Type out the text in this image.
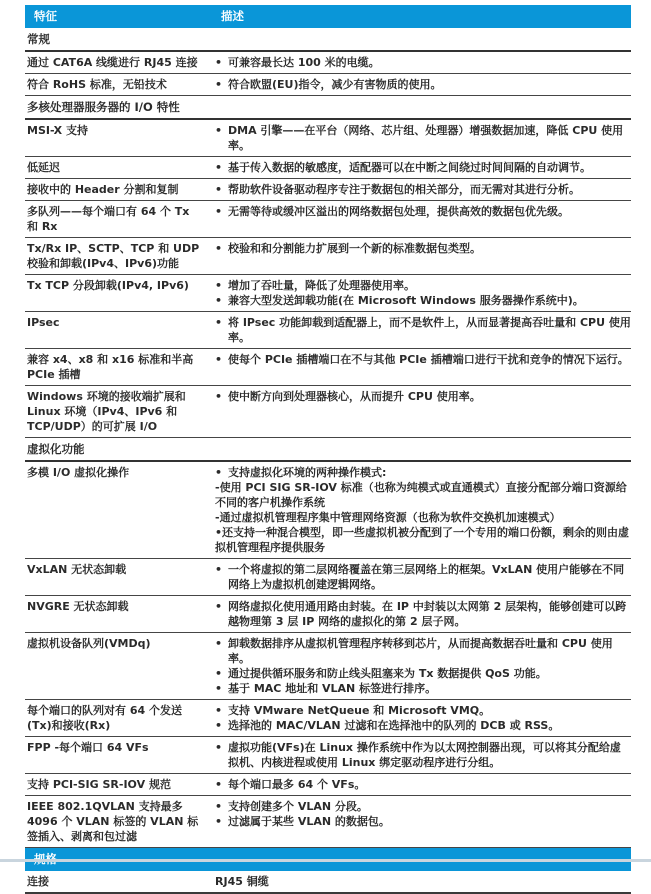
特征	描述
常规	
通过 CAT6A 线缆进行 RJ45 连接	• 可兼容最长达 100 米的电缆。

符合 RoHS 标准，无铅技术	• 符合欧盟(EU)指令，减少有害物质的使用。

多核处理器服务器的 I/O 特性	
MSI-X 支持	• DMA 引擎——在平台（网络、芯片组、处理器）增强数据加速，降低 CPU 使用率。

低延迟	• 基于传入数据的敏感度，适配器可以在中断之间绕过时间间隔的自动调节。

接收中的 Header 分割和复制	• 帮助软件设备驱动程序专注于数据包的相关部分，而无需对其进行分析。

多队列——每个端口有 64 个 Tx 和 Rx	• 无需等待或缓冲区溢出的网络数据包处理，提供高效的数据包优先级。

Tx/Rx IP、SCTP、TCP 和 UDP 校验和卸载(IPv4、IPv6)功能	• 校验和和分割能力扩展到一个新的标准数据包类型。

Tx TCP 分段卸载(IPv4, IPv6)	• 增加了吞吐量，降低了处理器使用率。
• 兼容大型发送卸载功能(在 Microsoft Windows 服务器操作系统中)。

IPsec	• 将 IPsec 功能卸载到适配器上，而不是软件上，从而显著提高吞吐量和 CPU 使用率。

兼容 x4、x8 和 x16 标准和半高 PCIe 插槽	• 使每个 PCIe 插槽端口在不与其他 PCIe 插槽端口进行干扰和竞争的情况下运行。

Windows 环境的接收端扩展和 Linux 环境（IPv4、IPv6 和 TCP/UDP）的可扩展 I/O	• 使中断方向到处理器核心，从而提升 CPU 使用率。

虚拟化功能	
多模 I/O 虚拟化操作	• 支持虚拟化环境的两种操作模式:
-使用 PCI SIG SR-IOV 标准（也称为纯模式或直通模式）直接分配部分端口资源给不同的客户机操作系统
-通过虚拟机管理程序集中管理网络资源（也称为软件交换机加速模式）
•还支持一种混合模型，即一些虚拟机被分配到了一个专用的端口份额，剩余的则由虚拟机管理程序提供服务

VxLAN 无状态卸载	• 一个将虚拟的第二层网络覆盖在第三层网络上的框架。VxLAN 使用户能够在不同网络上为虚拟机创建逻辑网络。

NVGRE 无状态卸载	• 网络虚拟化使用通用路由封装。在 IP 中封装以太网第 2 层架构，能够创建可以跨越物理第 3 层 IP 网络的虚拟化的第 2 层子网。

虚拟机设备队列(VMDq)	• 卸载数据排序从虚拟机管理程序转移到芯片，从而提高数据吞吐量和 CPU 使用率。
• 通过提供循环服务和防止线头阻塞来为 Tx 数据提供 QoS 功能。
• 基于 MAC 地址和 VLAN 标签进行排序。

每个端口的队列对有 64 个发送(Tx)和接收(Rx)	• 支持 VMware NetQueue 和 Microsoft VMQ。
• 选择池的 MAC/VLAN 过滤和在选择池中的队列的 DCB 或 RSS。

FPP -每个端口 64 VFs	• 虚拟功能(VFs)在 Linux 操作系统中作为以太网控制器出现，可以将其分配给虚拟机、内核进程或使用 Linux 绑定驱动程序进行分组。

支持 PCI-SIG SR-IOV 规范	• 每个端口最多 64 个 VFs。

IEEE 802.1QVLAN 支持最多 4096 个 VLAN 标签的 VLAN 标签插入、剥离和包过滤	• 支持创建多个 VLAN 分段。
• 过滤属于某些 VLAN 的数据包。

连接	RJ45 铜缆
